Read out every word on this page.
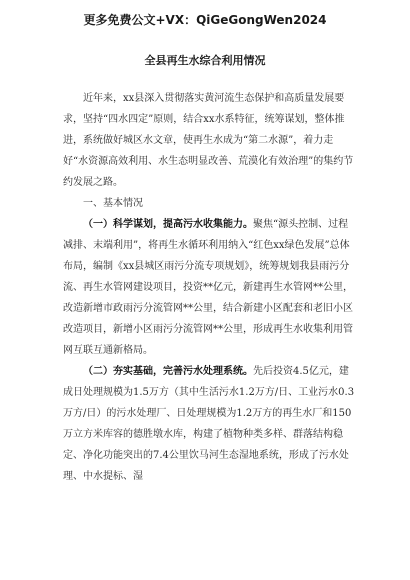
更多免费公文+VX：QiGeGongWen2024
全县再生水综合利用情况

近年来，xx县深入贯彻落实黄河流生态保护和高质量发展要求，坚持“四水四定”原则，结合xx水系特征，统筹谋划，整体推进，系统做好城区水文章，使再生水成为“第二水源”，着力走好“水资源高效利用、水生态明显改善、荒漠化有效治理”的集约节约发展之路。

一、基本情况

（一）科学谋划，提高污水收集能力。聚焦“源头控制、过程减排、末端利用”，将再生水循环利用纳入“红色xx绿色发展”总体布局，编制《xx县城区雨污分流专项规划》，统筹规划我县雨污分流、再生水管网建设项目，投资**亿元，新建再生水管网**公里，改造新增市政雨污分流管网**公里，结合新建小区配套和老旧小区改造项目，新增小区雨污分流管网**公里，形成再生水收集利用管网互联互通新格局。

（二）夯实基础，完善污水处理系统。先后投资4.5亿元，建成日处理规模为1.5万方（其中生活污水1.2万方/日、工业污水0.3万方/日）的污水处理厂、日处理规模为1.2万方的再生水厂和150万立方米库容的德胜墩水库，构建了植物种类多样、群落结构稳定、净化功能突出的7.4公里饮马河生态湿地系统，形成了污水处理、中水提标、湿
